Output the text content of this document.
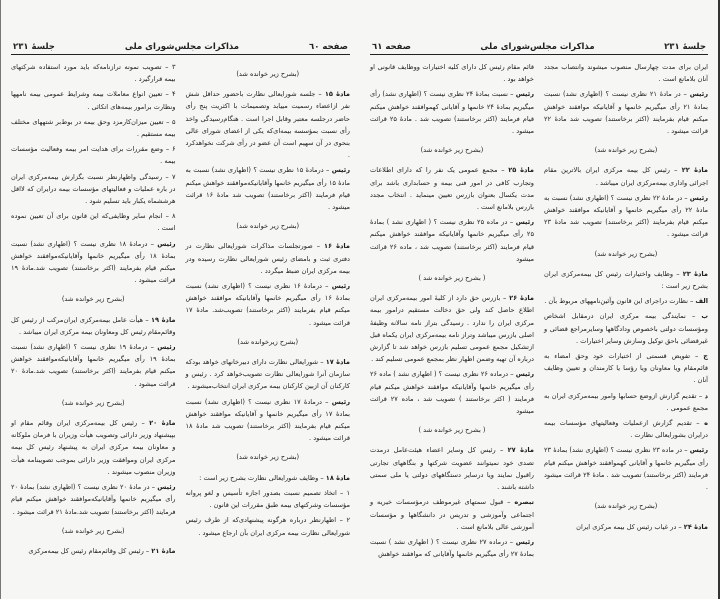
صفحه ٦٠
مذاکرات مجلس‌شورای ملی
جلسهٔ ۲۳۱

(بشرح زیر خوانده شد)

مادهٔ ۱۵ – جلسه شورایعالی نظارت باحضور حداقل شش نفر ازاعضاء رسمیت مییابد وتصمیمات با اکثریت پنج رأی حاضر درجلسه معتبر وقابل اجرا است . هنگام‌رسیدگی واخذ رأی نسبت بمؤسسه بیمه‌ای‌که یکی از اعضای شورای عالی بنحوی در آن سهیم است آن عضو در رأی شرکت نخواهدکرد .

رئیس – درمادهٔ ۱۵ نظری نیست ؟ (اظهاری نشد) نسبت به مادهٔ ۱۵ رأی میگیریم خانمها وآقایانیکه‌موافقند خواهش میکنم قیام فرمایند (اکثر برخاستند) تصویب شد مادهٔ ۱۶ قرائت میشود .

(بشرح زیر خوانده شد)

مادهٔ ۱۶ – صورتجلسات مذاکرات شورایعالی نظارت در دفتری ثبت و بامضای رئیس شورایعالی نظارت رسیده ودر بیمه مرکزی ایران ضبط میگردد .

رئیس – درمادهٔ ۱۶ نظری نیست ؟ (اظهاری نشد) نسبت بمادهٔ ۱۶ رأی میگیریم خانمها وآقایانیکه موافقند خواهش میکنم قیام بفرمایند (اکثر برخاستند) تصویب‌شد. مادهٔ ۱۷ قرائت میشود .

(بشرح زیرخوانده شد)

مادهٔ ۱۷ – شورایعالی نظارت دارای دبیرخانهای خواهد بود‌که سازمان آنرا شورایعالی نظارت تصویب‌خواهد کرد . رئیس و کارکنان آن ازبین کارکنان بیمه مرکزی ایران انتخاب‌میشوند .

رئیس – درمادهٔ ۱۷ نظری نیست ؟ (اظهاری نشد) نسبت بمادهٔ ۱۷ رأی میگیریم خانمها و آقایانیکه موافقند خواهش میکنم قیام بفرمایند (اکثر برخاستند) تصویب شد مادهٔ ۱۸ قرائت میشود .

(بشرح زیر خوانده شد)

مادهٔ ۱۸ – وظایف شورایعالی نظارت بشرح زیر است :

۱ – اتخاذ تصمیم نسبت بصدور اجازه تأسیس و لغو پروانه مؤسسات وشرکتهای بیمه طبق مقررات این قانون .

۲ – اظهارنظر درباره هرگونه پیشنهادی‌که از طرف رئیس شورایعالی نظارت بیمه مرکزی ایران بآن ارجاع میشود .

۳ – تصویب نمونه ترازنامه‌که باید مورد استفاده شرکتهای بیمه قرارگیرد .

۴ – تعیین انواع معاملات بیمه وشرایط عمومی بیمه نامهها ونظارت برامور بیمه‌های اتکائی .

۵ – تعیین میزان‌کارمزد وحق بیمه در بوط‌بر شتههای مختلف بیمه مستقیم .

۶ – وضع مقررات برای هدایت امر بیمه وفعالیت مؤسسات بیمه .

۷ – رسیدگی واظهارنظر نسبت بگزارش بیمه‌مرکزی ایران در باره عملیات و فعالیتهای مؤسسات بیمه درایران که لااقل هرششماه یکبار باید تسلیم شود .

۸ – انجام سایر وظایفی‌که این قانون برای آن تعیین نموده است .

رئیس – درمادهٔ ۱۸ نظری نیست ؟ (اظهاری نشد) نسبت بمادهٔ ۱۸ رأی میگیریم خانمها وآقایانیکه‌موافقند خواهش میکنم قیام بفرمایند (اکثر برخاستند) تصویب شد.مادهٔ ۱۹ قرائت میشود .

(بشرح زیر خوانده شد)

مادهٔ ۱۹ – هیأت عامل بیمه‌مرکزی ایران‌مرکب از رئیس کل وقائم‌مقام رئیس کل ومعاونان بیمه مرکزی ایران میباشد .

رئیس – درمادهٔ ۱۹ نظری نیست ؟ (اظهاری نشد) نسبت بمادهٔ ۱۹ رأی میگیریم خانمها وآقایانیکه‌موافقند خواهش میکنم قیام بفرمایند (اکثر برخاستند) تصویب شد.مادهٔ ۲۰ قرائت میشود .

(بشرح زیر خوانده شد)

مادهٔ ۲۰ – رئیس کل بیمه‌مرکزی ایران وقائم مقام او بپیشنهاد وزیر دارائی وتصویب هیأت وزیران با فرمان ملوکانه و معاونان بیمه مرکزی ایران به پیشنهاد رئیس کل بیمه مرکزی ایران وموافقت وزیر دارائی بموجب تصویبنامه هیأت وزیران منصوب میشوند .

رئیس – در مادهٔ ۲۰ نظری نیست ؟ (اظهاری نشد) بمادهٔ ۲۰ رأی میگیریم خانمها وآقایانیکه‌موافقند خواهش میکنم قیام فرمایند (اکثر برخاستند) تصویب شد.مادهٔ ۲۱ قرائت میشود .

(بشرح زیر خوانده شد)

مادهٔ ۲۱ – رئیس کل وقائم‌مقام رئیس کل بیمه‌مرکزی

جلسهٔ ۲۳۱
مذاکرات مجلس‌شورای ملی
صفحه ٦١

ایران برای مدت چهارسال منصوب میشوند وانتصاب مجدد آنان بلامانع است .

رئیس – در مادهٔ ۲۱ نظری نیست ؟ (اظهاری نشد) نسبت بمادهٔ ۲۱ رأی میگیریم خانمها و آقایانیکه موافقند خواهش میکنم قیام بفرمایند (اکثر برخاستند) تصویب شد مادهٔ ۲۲ قرائت میشود .

(بشرح زیر خوانده شد)

مادهٔ ۲۲ – رئیس کل بیمه مرکزی ایران بالاترین مقام اجرائی واداری بیمه‌مرکزی ایران میباشد .

رئیس – در مادهٔ ۲۲ نظری نیست ؟ (اظهاری نشد) نسبت به مادهٔ ۲۲ رأی میگیریم خانمها و آقایانیکه موافقند خواهش میکنم قیام بفرمایند (اکثر برخاستند) تصویب شد مادهٔ ۲۳ قرائت میشود .

(بشرح زیر خوانده شد)

مادهٔ ۲۳ – وظایف واختیارات رئیس کل بیمه‌مرکزی ایران بشرح زیر است :

الف – نظارت دراجرای این قانون وآئین‌نامههای مربوط بآن .

ب – نمایندگی بیمه مرکزی ایران درمقابل اشخاص ومؤسسات دولتی باخصوص ودادگاهها وسایرمراجع قضائی و غیرقضائی باحق توکیل وسازش وسایر اختیارات .

ج – تفویض قسمتی از اختیارات خود وحق امضاء به قائم‌مقام ویا معاونان ویا رؤسا یا کارمندان و تعیین وظایف آنان .

د – تقدیم گزارش ازوضع حسابها وامور بیمه‌مرکزی ایران به مجمع عمومی .

ه – تقدیم گزارش ازعملیات وفعالیتهای مؤسسات بیمه درایران بشورایعالی نظارت .

رئیس – در ماده ۲۳ نظری نیست ؟ (اظهاری نشد) بمادهٔ ۲۳ رأی میگیریم خانمها و آقایانی کهموافقند خواهش میکنم قیام فرمایند (اکثر برخاستند) تصویب شد . مادهٔ ۲۴ قرائت میشود .

(بشرح زیر خوانده شد)

مادهٔ ۲۴ – در غیاب رئیس کل بیمه مرکزی ایران

قائم مقام رئیس کل دارای کلیه اختیارات ووظایف قانونی او خواهد بود .

رئیس – نسبت بمادهٔ ۲۴ نظری نیست ؟ (اظهاری نشد) رأی میگیریم بمادهٔ ۲۴ خانمها و آقایانی کهموافقند خواهش میکنم قیام فرمایند (اکثر برخاستند) تصویب شد . مادهٔ ۲۵ قرائت میشود .

(بشرح زیر خوانده شد)

مادهٔ ۲۵ – مجمع عمومی یک نفر را که دارای اطلاعات وتجارب کافی در امور فنی بیمه و حسابداری باشد برای مدت یکسال بعنوان بازرس تعیین مینماید . انتخاب مجدد بازرس بلامانع است .

رئیس – در ماده ۲۵ نظری نیست ؟ ( اظهاری نشد ) بمادهٔ ۲۵ رأی میگیریم خانمها وآقایانیکه موافقند خواهش میکنم قیام فرمایند (اکثر برخاستند) تصویب شد ، ماده ۲۶ قرائت میشود

( بشرح زیر خوانده شد )

مادهٔ ۲۶ – بازرس حق دارد از کلیهٔ امور بیمه‌مرکزی ایران اطلاع حاصل کند ولی حق دخالت مستقیم درامور بیمه مرکزی ایران را ندارد . رسیدگی بتراز نامه سالانه وظیفهٔ اصلی بازرس میباشد وتراز نامه بیمه‌مرکزی ایران یکماه قبل ازتشکیل مجمع عمومی تسلیم بازرس خواهد شد تا گزارش درباره آن تهیه وضمن اظهار نظر بمجمع عمومی تسلیم کند .

رئیس – درماده ۲۶ نظری نیست ؟ ( اظهاری نشد ) ماده ۲۶ رأی میگیریم خانمها وآقایانیکه موافقند خواهش میکنم قیام فرمایند ( اکثر برخاستند ) تصویب شد ، ماده ۲۷ قرائت میشود

( بشرح زیر خوانده شد )

مادهٔ ۲۷ – رئیس کل وسایر اعضاء هیئت‌عامل درمدت تصدی خود نمیتوانند عضویت شرکتها و بنگاههای تجارتی راقبول نمایند ویا درسایر دستگاههای دولتی یا ملی سمتی داشته باشند .

تبصره – قبول سمتهای غیرموظف درمؤسسات خیریه و اجتماعی وآموزشی و تدریس در دانشگاهها و مؤسسات آموزشی عالی بلامانع است .

رئیس – درماده ۲۷ نظری نیست ؟ ( اظهاری نشد ) نسبت بمادهٔ ۲۷ رأی میگیریم خانمها وآقایانی که موافقند خواهش
